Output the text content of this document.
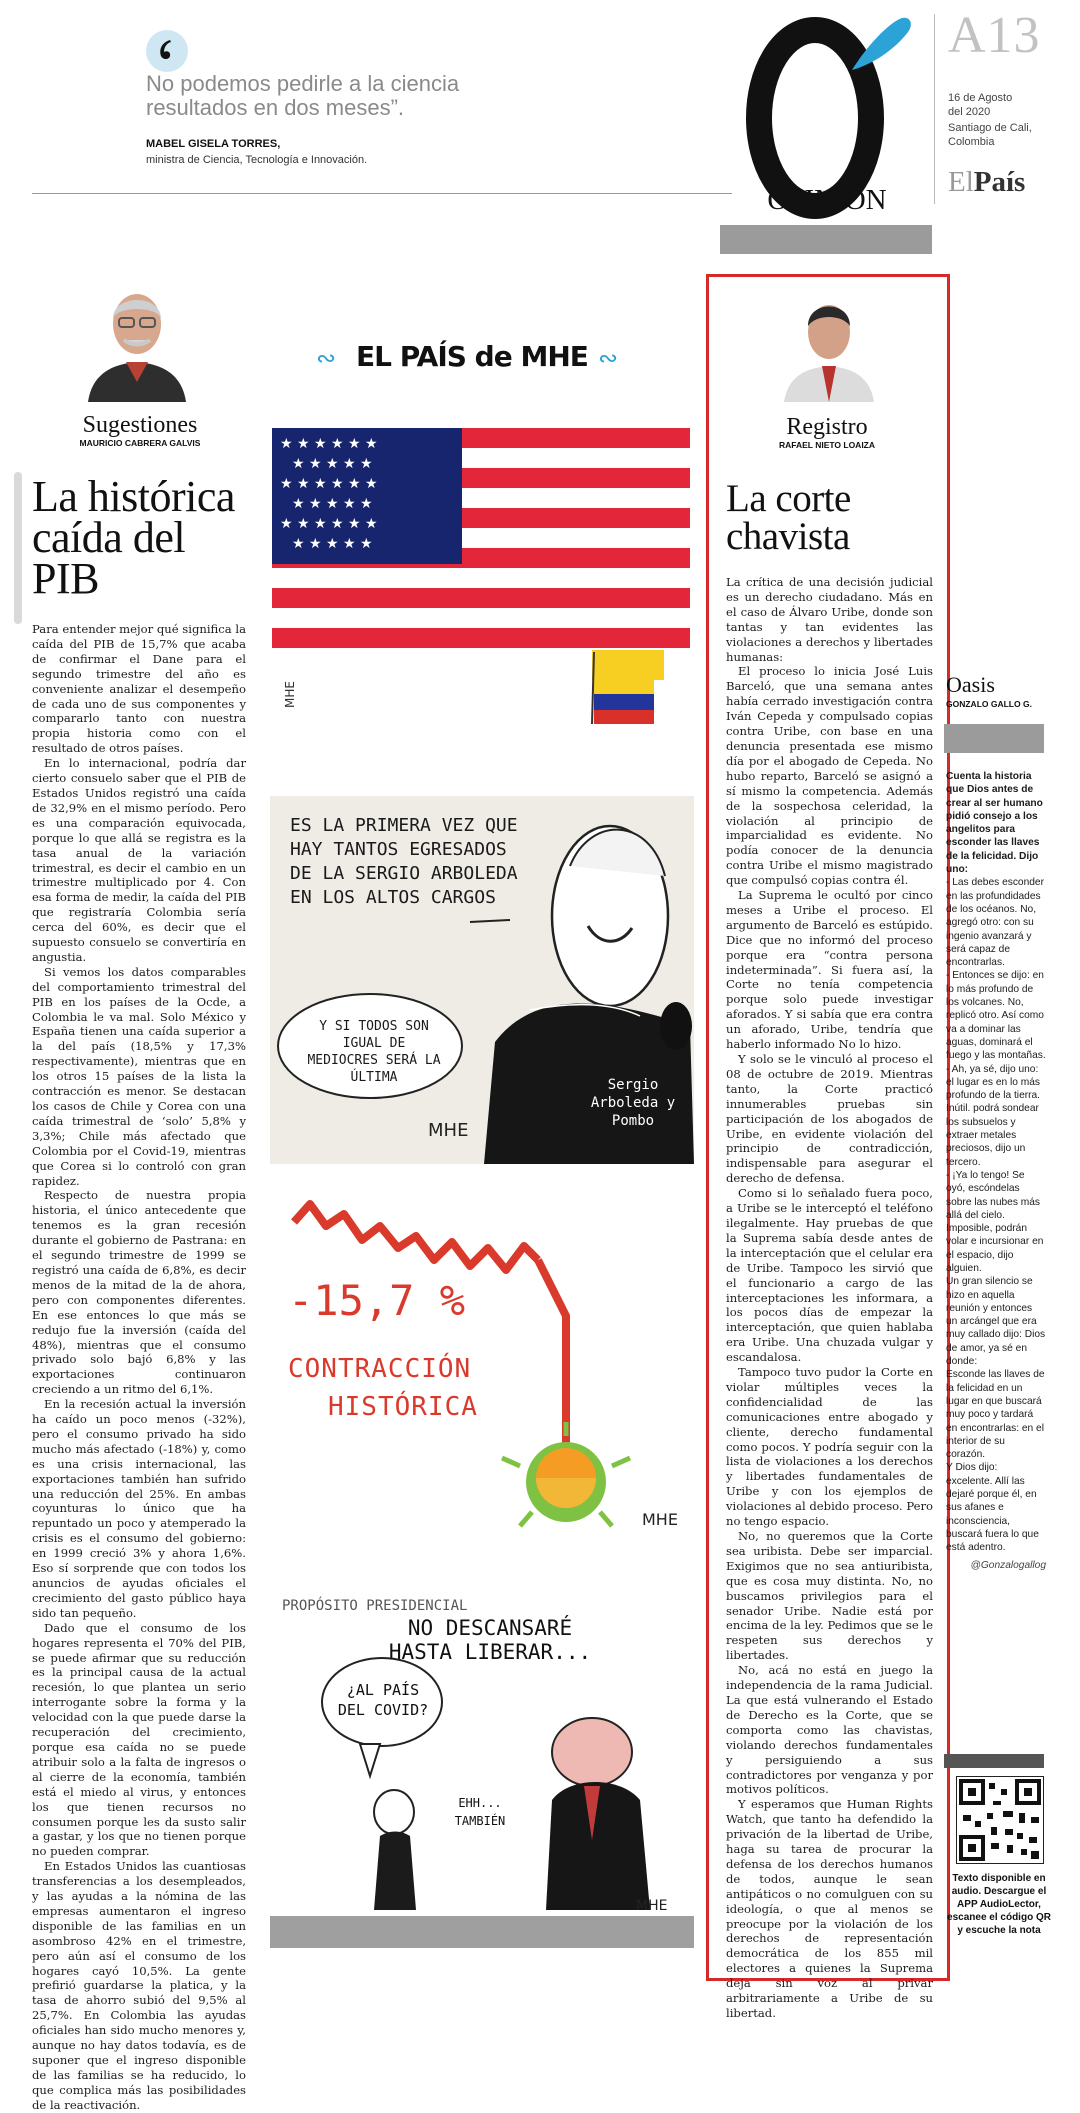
No podemos pedirle a la ciencia resultados en dos meses”.
MABEL GISELA TORRES,
ministra de Ciencia, Tecnología e Innovación.
OPINIÓN
A13
16 de Agosto
del 2020
Santiago de Cali,
Colombia
ElPaís
Sugestiones
MAURICIO CABRERA GALVIS
La histórica caída del PIB

Para entender mejor qué significa la caída del PIB de 15,7% que acaba de confirmar el Dane para el segundo trimestre del año es conveniente analizar el desempeño de cada uno de sus componentes y compararlo tanto con nuestra propia historia como con el resultado de otros países.

En lo internacional, podría dar cierto consuelo saber que el PIB de Estados Unidos registró una caída de 32,9% en el mismo período. Pero es una comparación equivocada, porque lo que allá se registra es la tasa anual de la variación trimestral, es decir el cambio en un trimestre multiplicado por 4. Con esa forma de medir, la caída del PIB que registraría Colombia sería cerca del 60%, es decir que el supuesto consuelo se convertiría en angustia.

Si vemos los datos comparables del comportamiento trimestral del PIB en los países de la Ocde, a Colombia le va mal. Solo México y España tienen una caída superior a la del país (18,5% y 17,3% respectivamente), mientras que en los otros 15 países de la lista la contracción es menor. Se destacan los casos de Chile y Corea con una caída trimestral de ‘solo’ 5,8% y 3,3%; Chile más afectado que Colombia por el Covid-19, mientras que Corea si lo controló con gran rapidez.

Respecto de nuestra propia historia, el único antecedente que tenemos es la gran recesión durante el gobierno de Pastrana: en el segundo trimestre de 1999 se registró una caída de 6,8%, es decir menos de la mitad de la de ahora, pero con componentes diferentes. En ese entonces lo que más se redujo fue la inversión (caída del 48%), mientras que el consumo privado solo bajó 6,8% y las exportaciones continuaron creciendo a un ritmo del 6,1%.

En la recesión actual la inversión ha caído un poco menos (-32%), pero el consumo privado ha sido mucho más afectado (-18%) y, como es una crisis internacional, las exportaciones también han sufrido una reducción del 25%. En ambas coyunturas lo único que ha repuntado un poco y atemperado la crisis es el consumo del gobierno: en 1999 creció 3% y ahora 1,6%. Eso sí sorprende que con todos los anuncios de ayudas oficiales el crecimiento del gasto público haya sido tan pequeño.

Dado que el consumo de los hogares representa el 70% del PIB, se puede afirmar que su reducción es la principal causa de la actual recesión, lo que plantea un serio interrogante sobre la forma y la velocidad con la que puede darse la recuperación del crecimiento, porque esa caída no se puede atribuir solo a la falta de ingresos o al cierre de la economía, también está el miedo al virus, y entonces los que tienen recursos no consumen porque les da susto salir a gastar, y los que no tienen porque no pueden comprar.

En Estados Unidos las cuantiosas transferencias a los desempleados, y las ayudas a la nómina de las empresas aumentaron el ingreso disponible de las familias en un asombroso 42% en el trimestre, pero aún así el consumo de los hogares cayó 10,5%. La gente prefirió guardarse la platica, y la tasa de ahorro subió del 9,5% al 25,7%. En Colombia las ayudas oficiales han sido mucho menores y, aunque no hay datos todavía, es de suponer que el ingreso disponible de las familias se ha reducido, lo que complica más las posibilidades de la reactivación.

∾ EL PAÍS de MHE ∾
★ ★ ★ ★ ★ ★
★ ★ ★ ★ ★
★ ★ ★ ★ ★ ★
★ ★ ★ ★ ★
★ ★ ★ ★ ★ ★
★ ★ ★ ★ ★
MHE
ES LA PRIMERA VEZ QUE HAY TANTOS EGRESADOS DE LA SERGIO ARBOLEDA EN LOS ALTOS CARGOS
Y SI TODOS SON IGUAL DE MEDIOCRES SERÁ LA ÚLTIMA	Sergio Arboleda y Pombo
MHE
-15,7 %
CONTRACCIÓN
HISTÓRICA
MHE
PROPÓSITO PRESIDENCIAL
NO DESCANSARÉ HASTA LIBERAR...
¿AL PAÍS DEL COVID?
EHH... TAMBIÉN
MHE
Registro
RAFAEL NIETO LOAIZA
La corte chavista

La crítica de una decisión judicial es un derecho ciudadano. Más en el caso de Álvaro Uribe, donde son tantas y tan evidentes las violaciones a derechos y libertades humanas:

El proceso lo inicia José Luis Barceló, que una semana antes había cerrado investigación contra Iván Cepeda y compulsado copias contra Uribe, con base en una denuncia presentada ese mismo día por el abogado de Cepeda. No hubo reparto, Barceló se asignó a sí mismo la competencia. Además de la sospechosa celeridad, la violación al principio de imparcialidad es evidente. No podía conocer de la denuncia contra Uribe el mismo magistrado que compulsó copias contra él.

La Suprema le ocultó por cinco meses a Uribe el proceso. El argumento de Barceló es estúpido. Dice que no informó del proceso porque era “contra persona indeterminada”. Si fuera así, la Corte no tenía competencia porque solo puede investigar aforados. Y si sabía que era contra un aforado, Uribe, tendría que haberlo informado No lo hizo.

Y solo se le vinculó al proceso el 08 de octubre de 2019. Mientras tanto, la Corte practicó innumerables pruebas sin participación de los abogados de Uribe, en evidente violación del principio de contradicción, indispensable para asegurar el derecho de defensa.

Como si lo señalado fuera poco, a Uribe se le interceptó el teléfono ilegalmente. Hay pruebas de que la Suprema sabía desde antes de la interceptación que el celular era de Uribe. Tampoco les sirvió que el funcionario a cargo de las interceptaciones les informara, a los pocos días de empezar la interceptación, que quien hablaba era Uribe. Una chuzada vulgar y escandalosa.

Tampoco tuvo pudor la Corte en violar múltiples veces la confidencialidad de las comunicaciones entre abogado y cliente, derecho fundamental como pocos. Y podría seguir con la lista de violaciones a los derechos y libertades fundamentales de Uribe y con los ejemplos de violaciones al debido proceso. Pero no tengo espacio.

No, no queremos que la Corte sea uribista. Debe ser imparcial. Exigimos que no sea antiuribista, que es cosa muy distinta. No, no buscamos privilegios para el senador Uribe. Nadie está por encima de la ley. Pedimos que se le respeten sus derechos y libertades.

No, acá no está en juego la independencia de la rama Judicial. La que está vulnerando el Estado de Derecho es la Corte, que se comporta como las chavistas, violando derechos fundamentales y persiguiendo a sus contradictores por venganza y por motivos políticos.

Y esperamos que Human Rights Watch, que tanto ha defendido la privación de la libertad de Uribe, haga su tarea de procurar la defensa de los derechos humanos de todos, aunque le sean antipáticos o no comulguen con su ideología, o que al menos se preocupe por la violación de los derechos de representación democrática de los 855 mil electores a quienes la Suprema deja sin voz al privar arbitrariamente a Uribe de su libertad.

Oasis
GONZALO GALLO G.

Cuenta la historia que Dios antes de crear al ser humano pidió consejo a los angelitos para esconder las llaves de la felicidad. Dijo uno:

- Las debes esconder en las profundidades de los océanos. No, agregó otro: con su ingenio avanzará y será capaz de encontrarlas.

- Entonces se dijo: en lo más profundo de los volcanes. No, replicó otro. Así como va a dominar las aguas, dominará el fuego y las montañas.

- Ah, ya sé, dijo uno: el lugar es en lo más profundo de la tierra. Inútil. podrá sondear los subsuelos y extraer metales preciosos, dijo un tercero.

- ¡Ya lo tengo! Se oyó, escóndelas sobre las nubes más allá del cielo. Imposible, podrán volar e incursionar en el espacio, dijo alguien.

Un gran silencio se hizo en aquella reunión y entonces un arcángel que era muy callado dijo: Dios de amor, ya sé en donde:

Esconde las llaves de la felicidad en un lugar en que buscará muy poco y tardará en encontrarlas: en el interior de su corazón.

Y Dios dijo: excelente. Allí las dejaré porque él, en sus afanes e inconsciencia, buscará fuera lo que está adentro.

@Gonzalogallog

Texto disponible en audio. Descargue el APP AudioLector, escanee el código QR y escuche la nota
